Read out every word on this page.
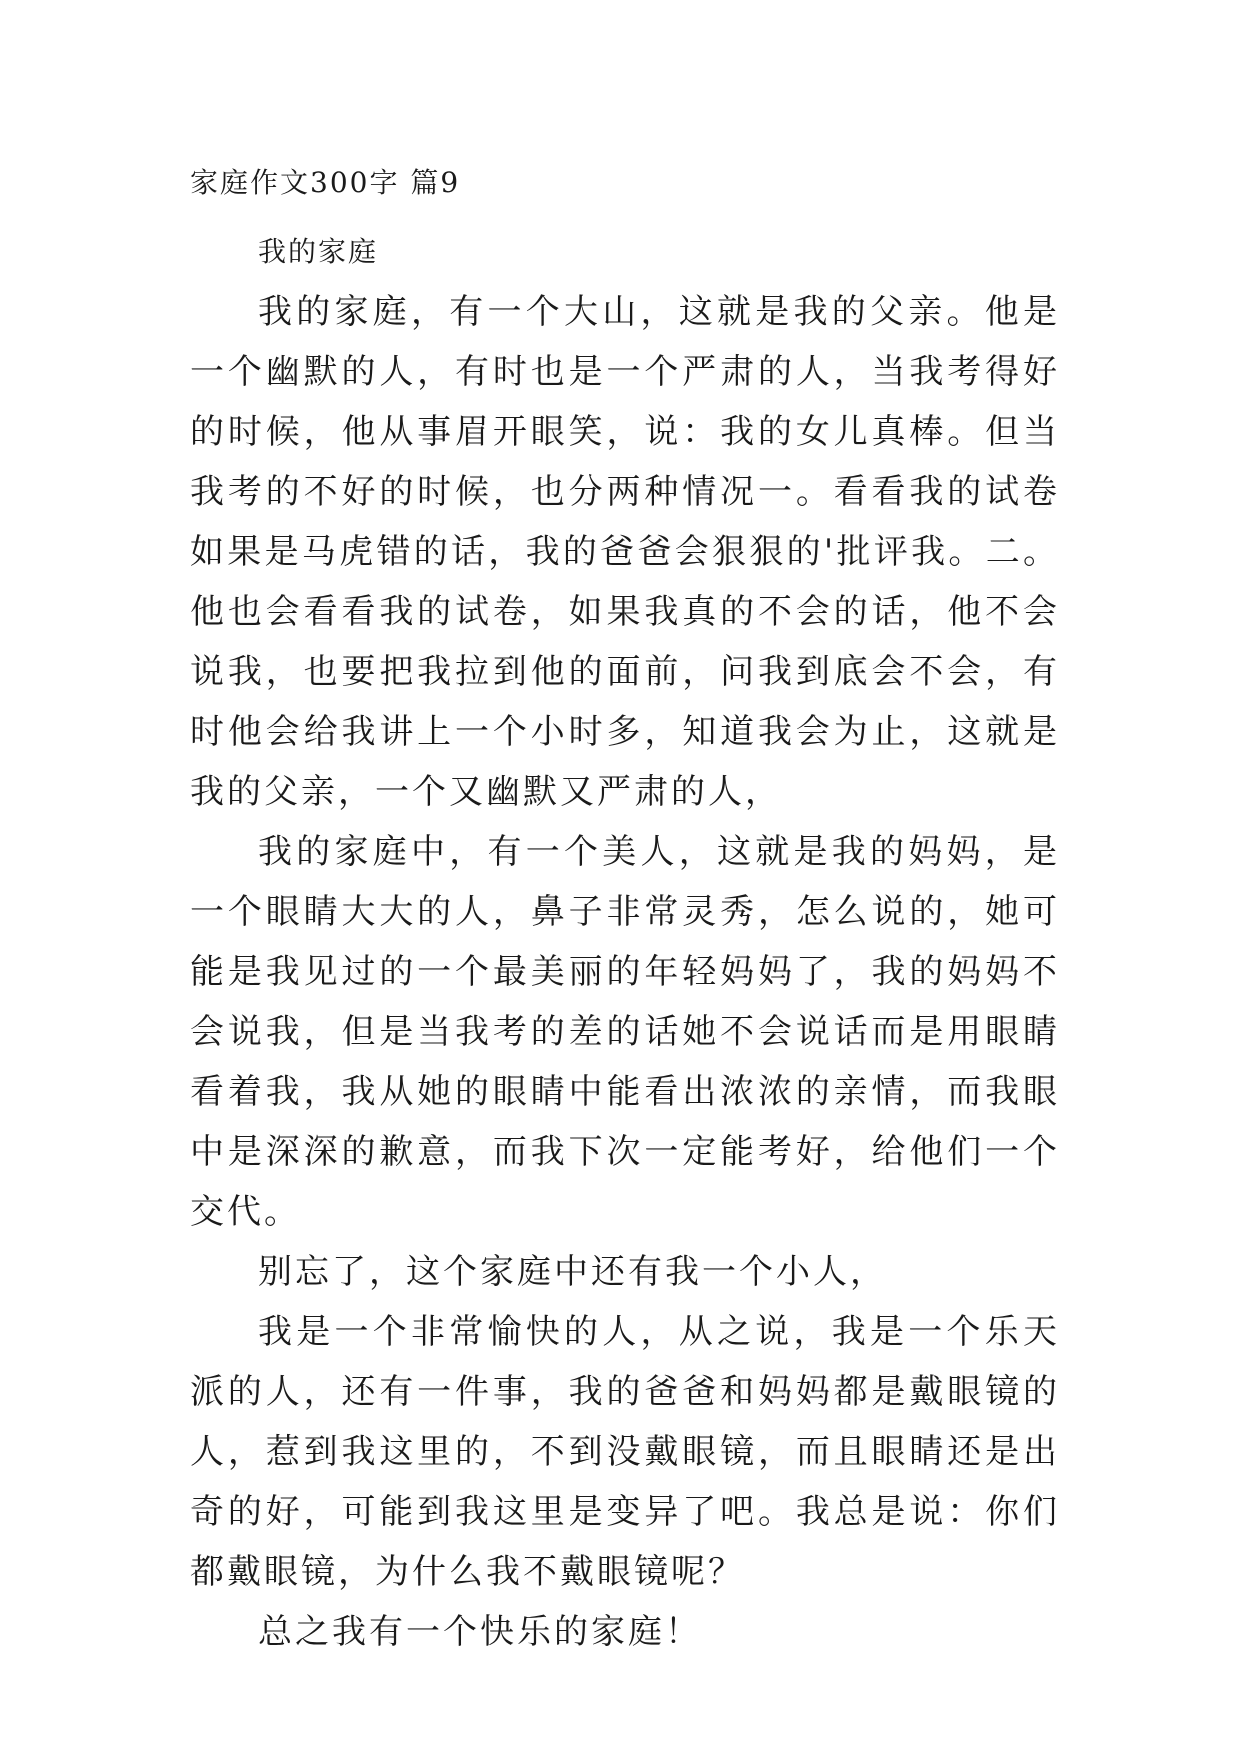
家庭作文300字 篇9

我的家庭

我的家庭，有一个大山，这就是我的父亲。他是一个幽默的人，有时也是一个严肃的人，当我考得好的时候，他从事眉开眼笑，说：我的女儿真棒。但当我考的不好的时候，也分两种情况一。看看我的试卷如果是马虎错的话，我的爸爸会狠狠的'批评我。二。他也会看看我的试卷，如果我真的不会的话，他不会说我，也要把我拉到他的面前，问我到底会不会，有时他会给我讲上一个小时多，知道我会为止，这就是我的父亲，一个又幽默又严肃的人，

我的家庭中，有一个美人，这就是我的妈妈，是一个眼睛大大的人，鼻子非常灵秀，怎么说的，她可能是我见过的一个最美丽的年轻妈妈了，我的妈妈不会说我，但是当我考的差的话她不会说话而是用眼睛看着我，我从她的眼睛中能看出浓浓的亲情，而我眼中是深深的歉意，而我下次一定能考好，给他们一个交代。

别忘了，这个家庭中还有我一个小人，

我是一个非常愉快的人，从之说，我是一个乐天派的人，还有一件事，我的爸爸和妈妈都是戴眼镜的人，惹到我这里的，不到没戴眼镜，而且眼睛还是出奇的好，可能到我这里是变异了吧。我总是说：你们都戴眼镜，为什么我不戴眼镜呢？

总之我有一个快乐的家庭！
